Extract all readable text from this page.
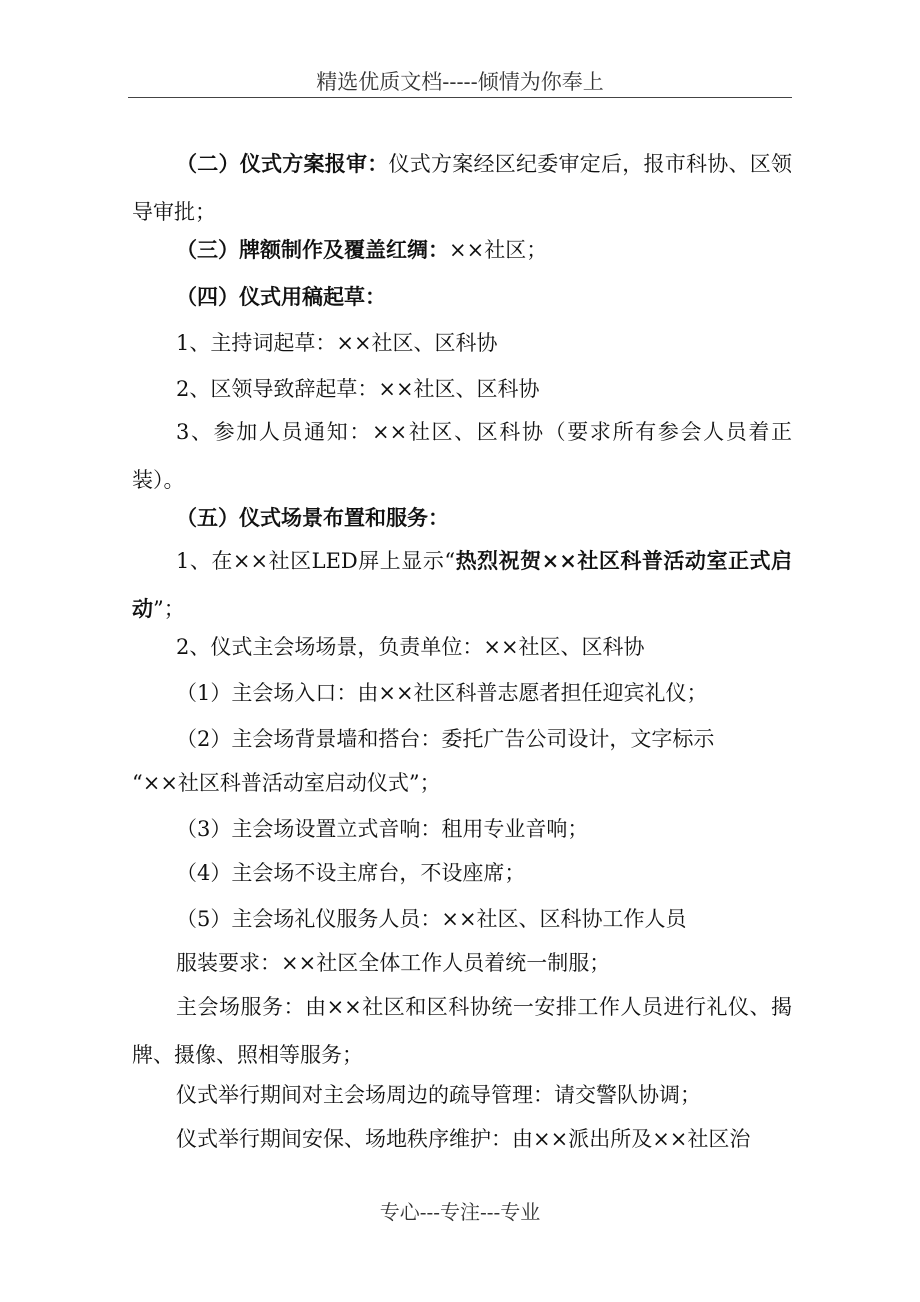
精选优质文档-----倾情为你奉上
（二）仪式方案报审：仪式方案经区纪委审定后，报市科协、区领导审批；
（三）牌额制作及覆盖红绸：××社区；
（四）仪式用稿起草：
1、主持词起草：××社区、区科协
2、区领导致辞起草：××社区、区科协
3、参加人员通知：××社区、区科协（要求所有参会人员着正装）。
（五）仪式场景布置和服务：
1、在××社区LED屏上显示“热烈祝贺××社区科普活动室正式启动”；
2、仪式主会场场景，负责单位：××社区、区科协
（1）主会场入口：由××社区科普志愿者担任迎宾礼仪；
（2）主会场背景墙和搭台：委托广告公司设计，文字标示
“××社区科普活动室启动仪式”；
（3）主会场设置立式音响：租用专业音响；
（4）主会场不设主席台，不设座席；
（5）主会场礼仪服务人员：××社区、区科协工作人员
服装要求：××社区全体工作人员着统一制服；
主会场服务：由××社区和区科协统一安排工作人员进行礼仪、揭牌、摄像、照相等服务；
仪式举行期间对主会场周边的疏导管理：请交警队协调；
仪式举行期间安保、场地秩序维护：由××派出所及××社区治
专心---专注---专业
